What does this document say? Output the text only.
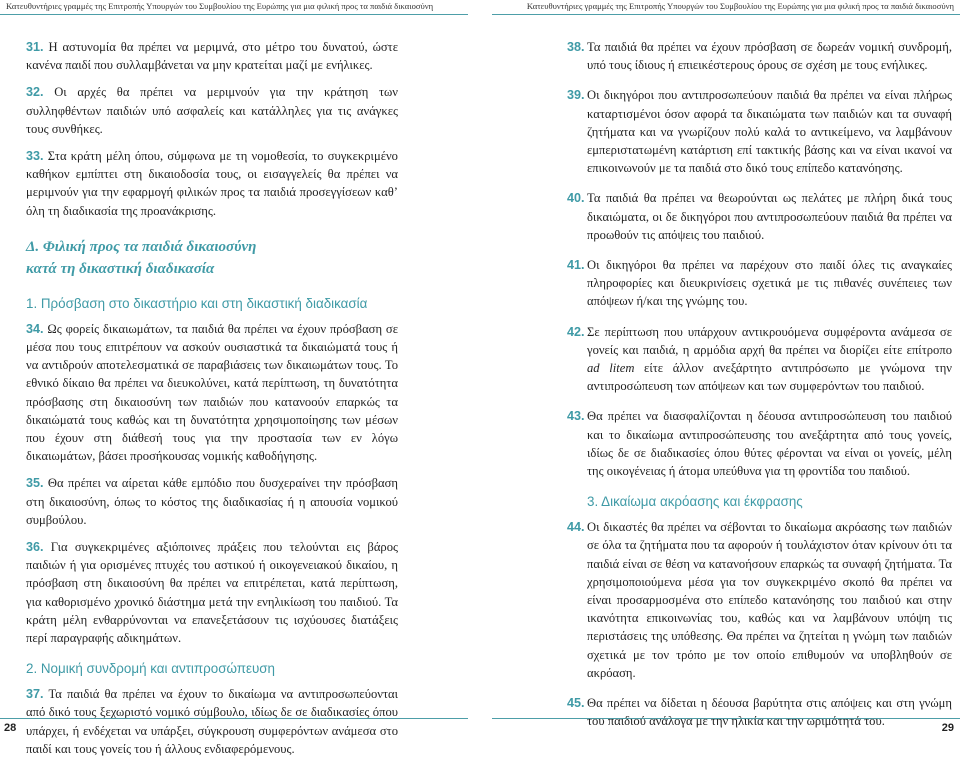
Κατευθυντήριες γραμμές της Επιτροπής Υπουργών του Συμβουλίου της Ευρώπης για μια φιλική προς τα παιδιά δικαιοσύνη	Κατευθυντήριες γραμμές της Επιτροπής Υπουργών του Συμβουλίου της Ευρώπης για μια φιλική προς τα παιδιά δικαιοσύνη

31. Η αστυνομία θα πρέπει να μεριμνά, στο μέτρο του δυνατού, ώστε κανένα παιδί που συλλαμβάνεται να μην κρατείται μαζί με ενήλικες.

32. Οι αρχές θα πρέπει να μεριμνούν για την κράτηση των συλληφθέντων παιδιών υπό ασφαλείς και κατάλληλες για τις ανάγκες τους συνθήκες.

33. Στα κράτη μέλη όπου, σύμφωνα με τη νομοθεσία, το συγκεκριμένο καθήκον εμπίπτει στη δικαιοδοσία τους, οι εισαγγελείς θα πρέπει να μεριμνούν για την εφαρμογή φιλικών προς τα παιδιά προσεγγίσεων καθ’ όλη τη διαδικασία της προανάκρισης.

Δ. Φιλική προς τα παιδιά δικαιοσύνη
κατά τη δικαστική διαδικασία

1. Πρόσβαση στο δικαστήριο και στη δικαστική διαδικασία

34. Ως φορείς δικαιωμάτων, τα παιδιά θα πρέπει να έχουν πρόσβαση σε μέσα που τους επιτρέπουν να ασκούν ουσιαστικά τα δικαιώματά τους ή να αντιδρούν αποτελεσματικά σε παραβιάσεις των δικαιωμάτων τους. Το εθνικό δίκαιο θα πρέπει να διευκολύνει, κατά περίπτωση, τη δυνατότητα πρόσβασης στη δικαιοσύνη των παιδιών που κατανοούν επαρκώς τα δικαιώματά τους καθώς και τη δυνατότητα χρησιμοποίησης των μέσων που έχουν στη διάθεσή τους για την προστασία των εν λόγω δικαιωμάτων, βάσει προσήκουσας νομικής καθοδήγησης.

35. Θα πρέπει να αίρεται κάθε εμπόδιο που δυσχεραίνει την πρόσβαση στη δικαιοσύνη, όπως το κόστος της διαδικασίας ή η απουσία νομικού συμβούλου.

36. Για συγκεκριμένες αξιόποινες πράξεις που τελούνται εις βάρος παιδιών ή για ορισμένες πτυχές του αστικού ή οικογενειακού δικαίου, η πρόσβαση στη δικαιοσύνη θα πρέπει να επιτρέπεται, κατά περίπτωση, για καθορισμένο χρονικό διάστημα μετά την ενηλικίωση του παιδιού. Τα κράτη μέλη ενθαρρύνονται να επανεξετάσουν τις ισχύουσες διατάξεις περί παραγραφής αδικημάτων.

2. Νομική συνδρομή και αντιπροσώπευση

37. Τα παιδιά θα πρέπει να έχουν το δικαίωμα να αντιπροσωπεύονται από δικό τους ξεχωριστό νομικό σύμβουλο, ιδίως δε σε διαδικασίες όπου υπάρχει, ή ενδέχεται να υπάρξει, σύγκρουση συμφερόντων ανάμεσα στο παιδί και τους γονείς του ή άλλους ενδιαφερόμενους.

38. Τα παιδιά θα πρέπει να έχουν πρόσβαση σε δωρεάν νομική συνδρομή, υπό τους ίδιους ή επιεικέστερους όρους σε σχέση με τους ενήλικες.

39. Οι δικηγόροι που αντιπροσωπεύουν παιδιά θα πρέπει να είναι πλήρως καταρτισμένοι όσον αφορά τα δικαιώματα των παιδιών και τα συναφή ζητήματα και να γνωρίζουν πολύ καλά το αντικείμενο, να λαμβάνουν εμπεριστατωμένη κατάρτιση επί τακτικής βάσης και να είναι ικανοί να επικοινωνούν με τα παιδιά στο δικό τους επίπεδο κατανόησης.

40. Τα παιδιά θα πρέπει να θεωρούνται ως πελάτες με πλήρη δικά τους δικαιώματα, οι δε δικηγόροι που αντιπροσωπεύουν παιδιά θα πρέπει να προωθούν τις απόψεις του παιδιού.

41. Οι δικηγόροι θα πρέπει να παρέχουν στο παιδί όλες τις αναγκαίες πληροφορίες και διευκρινίσεις σχετικά με τις πιθανές συνέπειες των απόψεων ή/και της γνώμης του.

42. Σε περίπτωση που υπάρχουν αντικρουόμενα συμφέροντα ανάμεσα σε γονείς και παιδιά, η αρμόδια αρχή θα πρέπει να διορίζει είτε επίτροπο ad litem είτε άλλον ανεξάρτητο αντιπρόσωπο με γνώμονα την αντιπροσώπευση των απόψεων και των συμφερόντων του παιδιού.

43. Θα πρέπει να διασφαλίζονται η δέουσα αντιπροσώπευση του παιδιού και το δικαίωμα αντιπροσώπευσης του ανεξάρτητα από τους γονείς, ιδίως δε σε διαδικασίες όπου θύτες φέρονται να είναι οι γονείς, μέλη της οικογένειας ή άτομα υπεύθυνα για τη φροντίδα του παιδιού.

3. Δικαίωμα ακρόασης και έκφρασης

44. Οι δικαστές θα πρέπει να σέβονται το δικαίωμα ακρόασης των παιδιών σε όλα τα ζητήματα που τα αφορούν ή τουλάχιστον όταν κρίνουν ότι τα παιδιά είναι σε θέση να κατανοήσουν επαρκώς τα συναφή ζητήματα. Τα χρησιμοποιούμενα μέσα για τον συγκεκριμένο σκοπό θα πρέπει να είναι προσαρμοσμένα στο επίπεδο κατανόησης του παιδιού και στην ικανότητα επικοινωνίας του, καθώς και να λαμβάνουν υπόψη τις περιστάσεις της υπόθεσης. Θα πρέπει να ζητείται η γνώμη των παιδιών σχετικά με τον τρόπο με τον οποίο επιθυμούν να υποβληθούν σε ακρόαση.

45. Θα πρέπει να δίδεται η δέουσα βαρύτητα στις απόψεις και στη γνώμη του παιδιού ανάλογα με την ηλικία και την ωριμότητά του.

28	29
